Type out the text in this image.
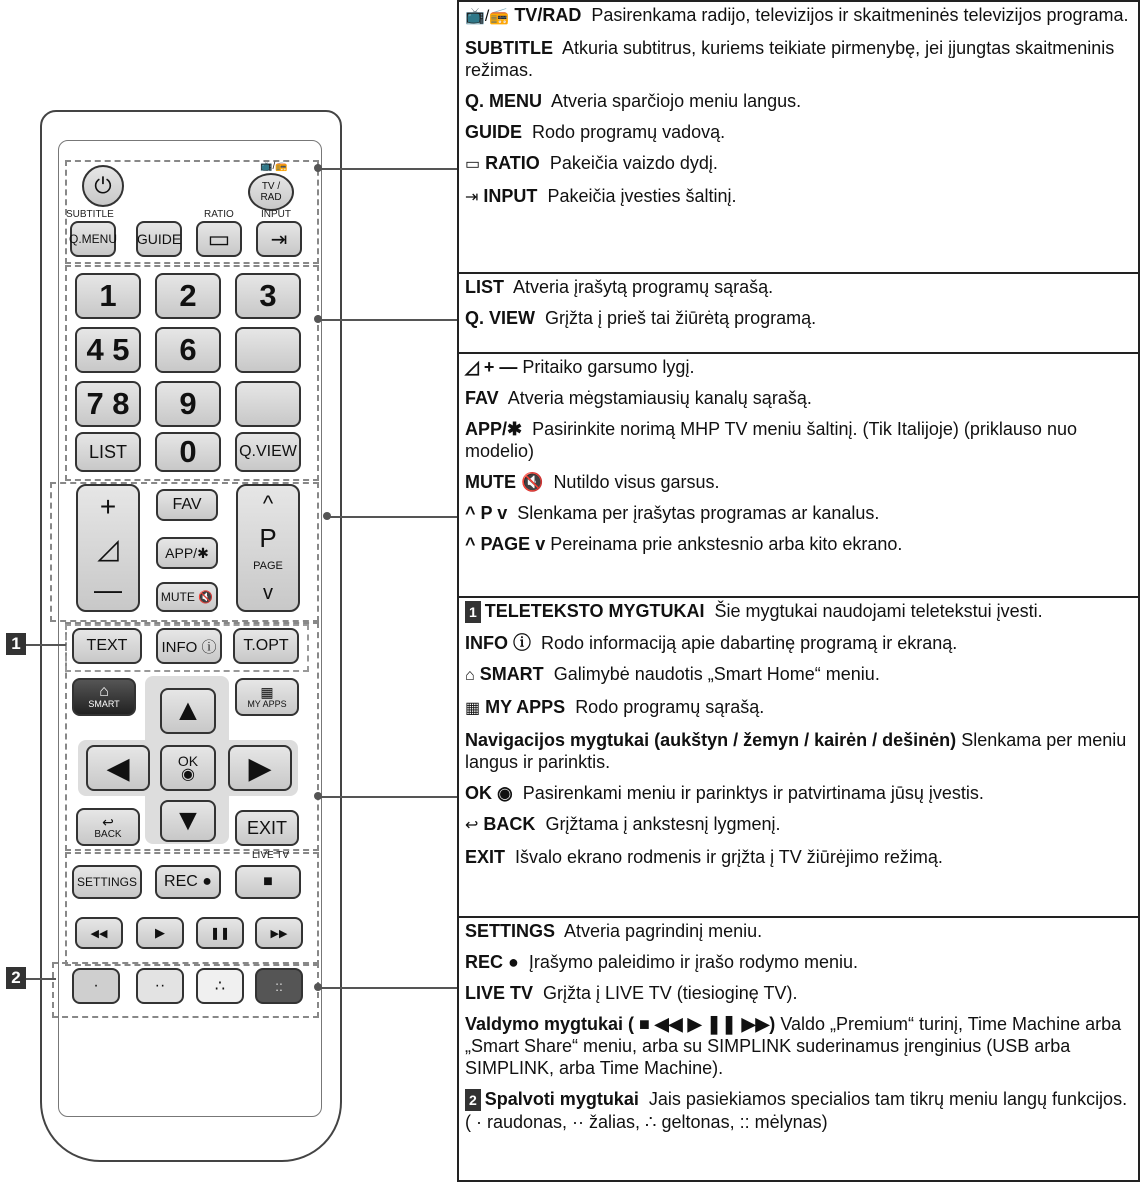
⏻
📺/📻
TV / RAD
SUBTITLE	RATIO	INPUT
Q.MENU GUIDE ▭ ⇥
1	2	3
4 5	6
7 8	9
LIST	0	Q.VIEW
+
◿
—
FAV
APP/✱
MUTE 🔇
^
P
PAGE
v
TEXT	INFO ⓘ	T.OPT
⌂
SMART
▦
MY APPS
▲
◀	OK
◉ ▶
↩
BACK ▼	EXIT
LIVE TV
SETTINGS	REC ●	■
◀◀	▶	❚❚	▶▶
·	··	∴	::
1
2
📺/📻 TV/RAD Pasirenkama radijo, televizijos ir skaitmeninės televizijos programa.
SUBTITLE Atkuria subtitrus, kuriems teikiate pirmenybę, jei įjungtas skaitmeninis režimas.
Q. MENU Atveria sparčiojo meniu langus.
GUIDE Rodo programų vadovą.
▭ RATIO Pakeičia vaizdo dydį.
⇥ INPUT Pakeičia įvesties šaltinį.
LIST Atveria įrašytą programų sąrašą.
Q. VIEW Grįžta į prieš tai žiūrėtą programą.
◿ + — Pritaiko garsumo lygį.
FAV Atveria mėgstamiausių kanalų sąrašą.
APP/✱ Pasirinkite norimą MHP TV meniu šaltinį. (Tik Italijoje) (priklauso nuo modelio)
MUTE 🔇 Nutildo visus garsus.
^ P v Slenkama per įrašytas programas ar kanalus.
^ PAGE v Pereinama prie ankstesnio arba kito ekrano.
1 TELETEKSTO MYGTUKAI Šie mygtukai naudojami teletekstui įvesti.
INFO ⓘ Rodo informaciją apie dabartinę programą ir ekraną.
⌂ SMART Galimybė naudotis „Smart Home“ meniu.
▦ MY APPS Rodo programų sąrašą.
Navigacijos mygtukai (aukštyn / žemyn / kairėn / dešinėn) Slenkama per meniu langus ir parinktis.
OK ◉ Pasirenkami meniu ir parinktys ir patvirtinama jūsų įvestis.
↩ BACK Grįžtama į ankstesnį lygmenį.
EXIT Išvalo ekrano rodmenis ir grįžta į TV žiūrėjimo režimą.
SETTINGS Atveria pagrindinį meniu.
REC ● Įrašymo paleidimo ir įrašo rodymo meniu.
LIVE TV Grįžta į LIVE TV (tiesioginę TV).
Valdymo mygtukai ( ■ ◀◀ ▶ ❚❚ ▶▶) Valdo „Premium“ turinį, Time Machine arba „Smart Share“ meniu, arba su SIMPLINK suderinamus įrenginius (USB arba SIMPLINK, arba Time Machine).
2 Spalvoti mygtukai Jais pasiekiamos specialios tam tikrų meniu langų funkcijos. ( · raudonas, ·· žalias, ∴ geltonas, :: mėlynas)
